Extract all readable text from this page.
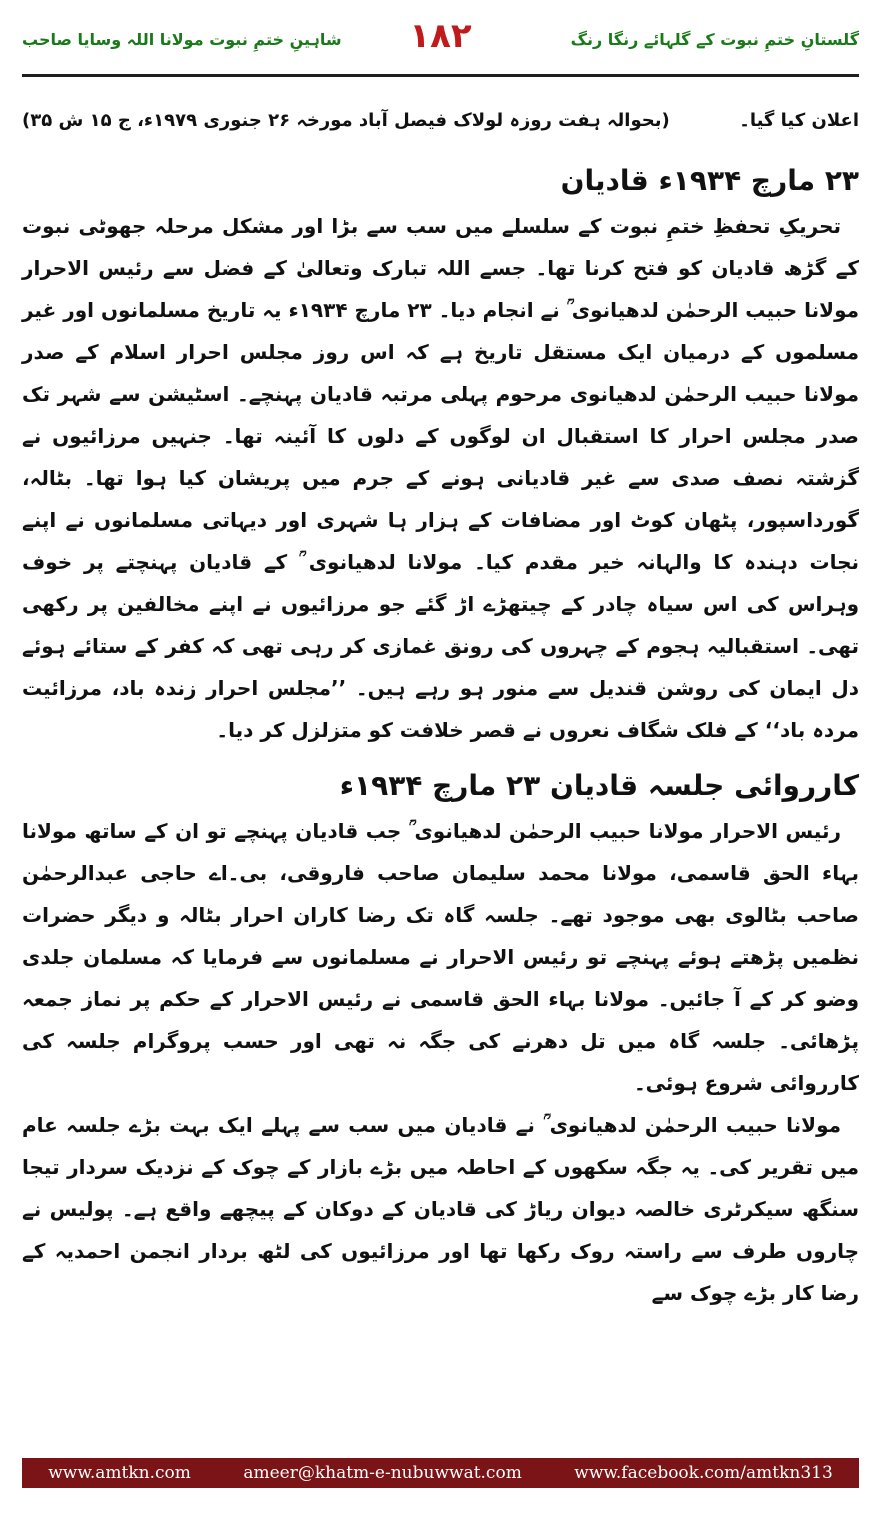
گلستانِ ختمِ نبوت کے گلہائے رنگا رنگ
۱۸۲
شاہینِ ختمِ نبوت مولانا اللہ وسایا صاحب
اعلان کیا گیا۔
(بحوالہ ہفت روزہ لولاک فیصل آباد مورخہ ۲۶ جنوری ۱۹۷۹ء، ج ۱۵ ش ۳۵)
۲۳ مارچ ۱۹۳۴ء قادیان

تحریکِ تحفظِ ختمِ نبوت کے سلسلے میں سب سے بڑا اور مشکل مرحلہ جھوٹی نبوت کے گڑھ قادیان کو فتح کرنا تھا۔ جسے اللہ تبارک وتعالیٰ کے فضل سے رئیس الاحرار مولانا حبیب الرحمٰن لدھیانوی ؒ نے انجام دیا۔ ۲۳ مارچ ۱۹۳۴ء یہ تاریخ مسلمانوں اور غیر مسلموں کے درمیان ایک مستقل تاریخ ہے کہ اس روز مجلس احرار اسلام کے صدر مولانا حبیب الرحمٰن لدھیانوی مرحوم پہلی مرتبہ قادیان پہنچے۔ اسٹیشن سے شہر تک صدر مجلس احرار کا استقبال ان لوگوں کے دلوں کا آئینہ تھا۔ جنہیں مرزائیوں نے گزشتہ نصف صدی سے غیر قادیانی ہونے کے جرم میں پریشان کیا ہوا تھا۔ بٹالہ، گورداسپور، پٹھان کوٹ اور مضافات کے ہزار ہا شہری اور دیہاتی مسلمانوں نے اپنے نجات دہندہ کا والہانہ خیر مقدم کیا۔ مولانا لدھیانوی ؒ کے قادیان پہنچتے پر خوف وہراس کی اس سیاہ چادر کے چیتھڑے اڑ گئے جو مرزائیوں نے اپنے مخالفین پر رکھی تھی۔ استقبالیہ ہجوم کے چہروں کی رونق غمازی کر رہی تھی کہ کفر کے ستائے ہوئے دل ایمان کی روشن قندیل سے منور ہو رہے ہیں۔ ’’مجلس احرار زندہ باد، مرزائیت مردہ باد‘‘ کے فلک شگاف نعروں نے قصر خلافت کو متزلزل کر دیا۔

کارروائی جلسہ قادیان ۲۳ مارچ ۱۹۳۴ء

رئیس الاحرار مولانا حبیب الرحمٰن لدھیانوی ؒ جب قادیان پہنچے تو ان کے ساتھ مولانا بہاء الحق قاسمی، مولانا محمد سلیمان صاحب فاروقی، بی۔اے حاجی عبدالرحمٰن صاحب بٹالوی بھی موجود تھے۔ جلسہ گاہ تک رضا کاران احرار بٹالہ و دیگر حضرات نظمیں پڑھتے ہوئے پہنچے تو رئیس الاحرار نے مسلمانوں سے فرمایا کہ مسلمان جلدی وضو کر کے آ جائیں۔ مولانا بہاء الحق قاسمی نے رئیس الاحرار کے حکم پر نماز جمعہ پڑھائی۔ جلسہ گاہ میں تل دھرنے کی جگہ نہ تھی اور حسب پروگرام جلسہ کی کارروائی شروع ہوئی۔

مولانا حبیب الرحمٰن لدھیانوی ؒ نے قادیان میں سب سے پہلے ایک بہت بڑے جلسہ عام میں تقریر کی۔ یہ جگہ سکھوں کے احاطہ میں بڑے بازار کے چوک کے نزدیک سردار تیجا سنگھ سیکرٹری خالصہ دیوان ریاڑ کی قادیان کے دوکان کے پیچھے واقع ہے۔ پولیس نے چاروں طرف سے راستہ روک رکھا تھا اور مرزائیوں کی لٹھ بردار انجمن احمدیہ کے رضا کار بڑے چوک سے

www.amtkn.com	ameer@khatm-e-nubuwwat.com	www.facebook.com/amtkn313
